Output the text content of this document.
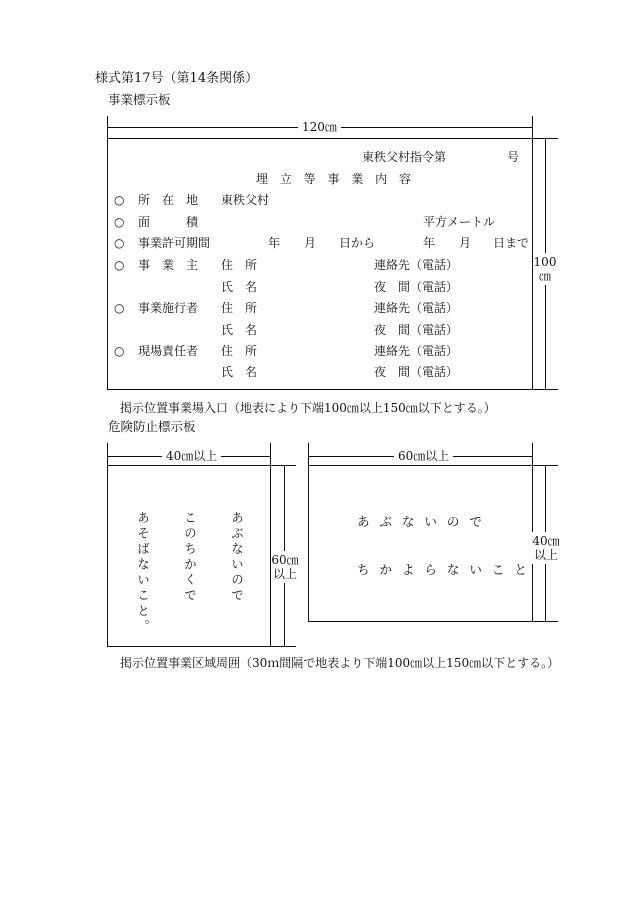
様式第17号（第14条関係）
事業標示板
120㎝
100
㎝
東秩父村指令第	号
埋 立 等 事 業 内 容
○ 所　在　地 東秩父村
○ 面　　　積	平方メートル
○ 事業許可期間	年 月 日から	年 月 日まで
○ 事　業　主 住　所	連絡先（電話）
氏　名	夜　間（電話）
○ 事業施行者 住　所	連絡先（電話）
氏　名	夜　間（電話）
○ 現場責任者 住　所	連絡先（電話）
氏　名	夜　間（電話）
掲示位置事業場入口（地表により下端100㎝以上150㎝以下とする。）
危険防止標示板
40㎝以上
60㎝
以上
あぶないので
このちかくで
あそばないこと。
60㎝以上
40㎝
以上
あ ぶ な い の で
ち か よ ら な い こ と
掲示位置事業区域周囲（30ｍ間隔で地表より下端100㎝以上150㎝以下とする。）
